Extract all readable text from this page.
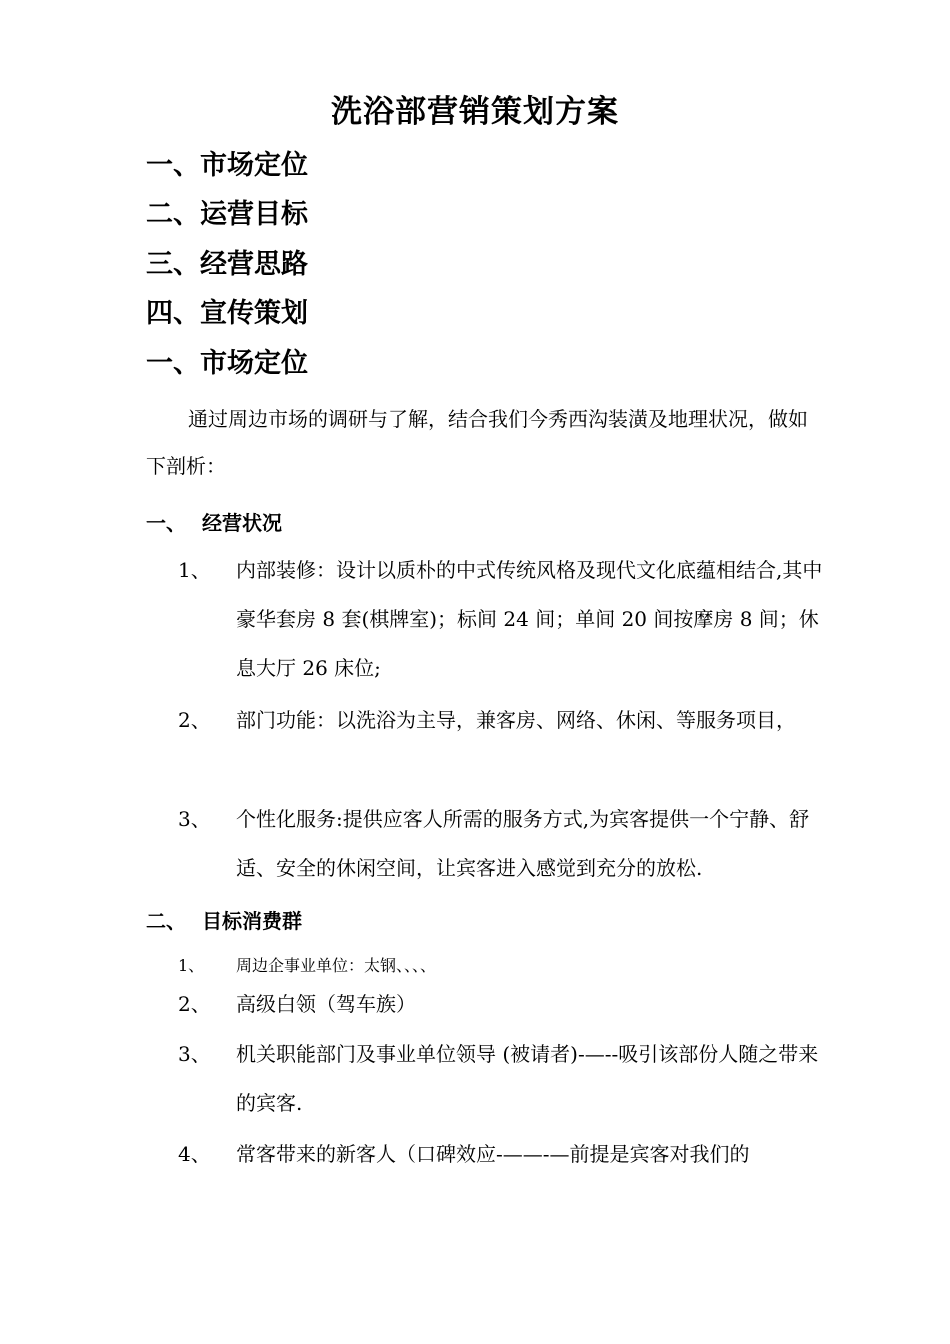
洗浴部营销策划方案
一、市场定位
二、运营目标
三、经营思路
四、宣传策划
一、市场定位
通过周边市场的调研与了解，结合我们今秀西沟装潢及地理状况，做如下剖析：
一、 经营状况
1、 内部装修：设计以质朴的中式传统风格及现代文化底蕴相结合,其中豪华套房 8 套(棋牌室)；标间 24 间；单间 20 间按摩房 8 间；休息大厅 26 床位;
2、 部门功能：以洗浴为主导，兼客房、网络、休闲、等服务项目，
3、 个性化服务:提供应客人所需的服务方式,为宾客提供一个宁静、舒适、安全的休闲空间，让宾客进入感觉到充分的放松.
二、 目标消费群
1、 周边企事业单位：太钢、、、、
2、 高级白领（驾车族）
3、 机关职能部门及事业单位领导 (被请者)-—--吸引该部份人随之带来的宾客.
4、 常客带来的新客人（口碑效应-——-—前提是宾客对我们的
